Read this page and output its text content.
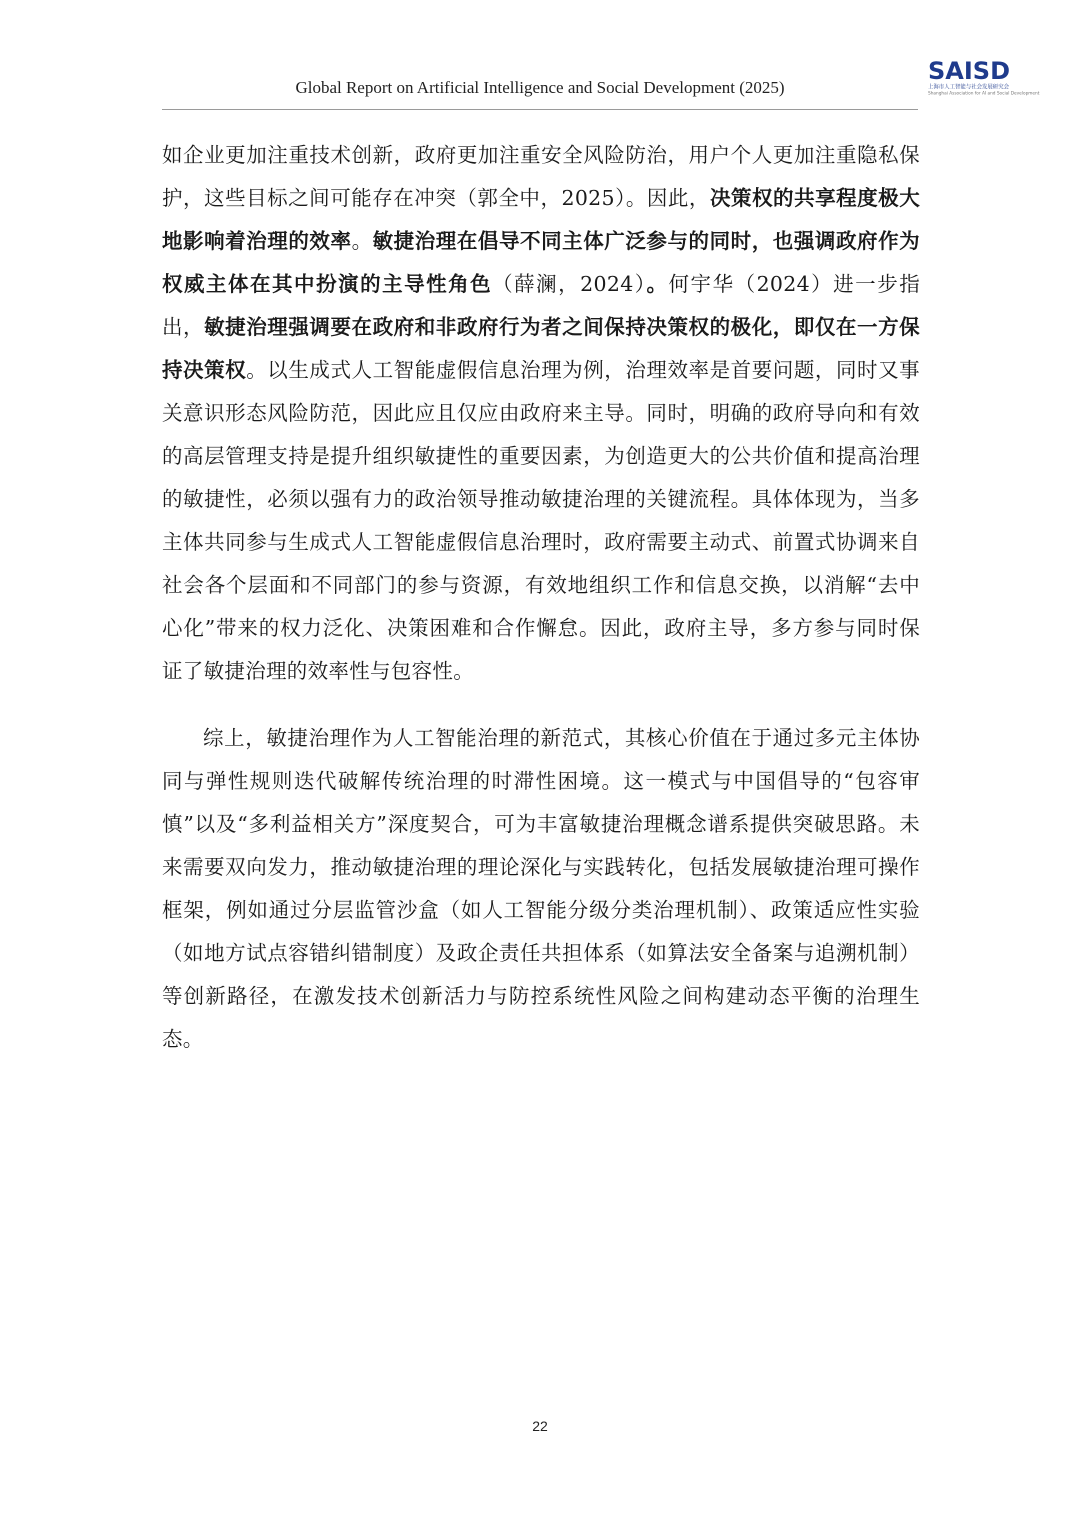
Global Report on Artificial Intelligence and Social Development (2025)
SAISD
上海市人工智能与社会发展研究会
Shanghai Association for AI and Social Development

如企业更加注重技术创新，政府更加注重安全风险防治，用户个人更加注重隐私保护，这些目标之间可能存在冲突（郭全中，2025）。因此，决策权的共享程度极大地影响着治理的效率。敏捷治理在倡导不同主体广泛参与的同时，也强调政府作为权威主体在其中扮演的主导性角色（薛澜，2024）。何宇华（2024）进一步指出，敏捷治理强调要在政府和非政府行为者之间保持决策权的极化，即仅在一方保持决策权。以生成式人工智能虚假信息治理为例，治理效率是首要问题，同时又事关意识形态风险防范，因此应且仅应由政府来主导。同时，明确的政府导向和有效的高层管理支持是提升组织敏捷性的重要因素，为创造更大的公共价值和提高治理的敏捷性，必须以强有力的政治领导推动敏捷治理的关键流程。具体体现为，当多主体共同参与生成式人工智能虚假信息治理时，政府需要主动式、前置式协调来自社会各个层面和不同部门的参与资源，有效地组织工作和信息交换，以消解“去中心化”带来的权力泛化、决策困难和合作懈怠。因此，政府主导，多方参与同时保证了敏捷治理的效率性与包容性。

综上，敏捷治理作为人工智能治理的新范式，其核心价值在于通过多元主体协同与弹性规则迭代破解传统治理的时滞性困境。这一模式与中国倡导的“包容审慎”以及“多利益相关方”深度契合，可为丰富敏捷治理概念谱系提供突破思路。未来需要双向发力，推动敏捷治理的理论深化与实践转化，包括发展敏捷治理可操作框架，例如通过分层监管沙盒（如人工智能分级分类治理机制）、政策适应性实验（如地方试点容错纠错制度）及政企责任共担体系（如算法安全备案与追溯机制）等创新路径，在激发技术创新活力与防控系统性风险之间构建动态平衡的治理生态。

22
